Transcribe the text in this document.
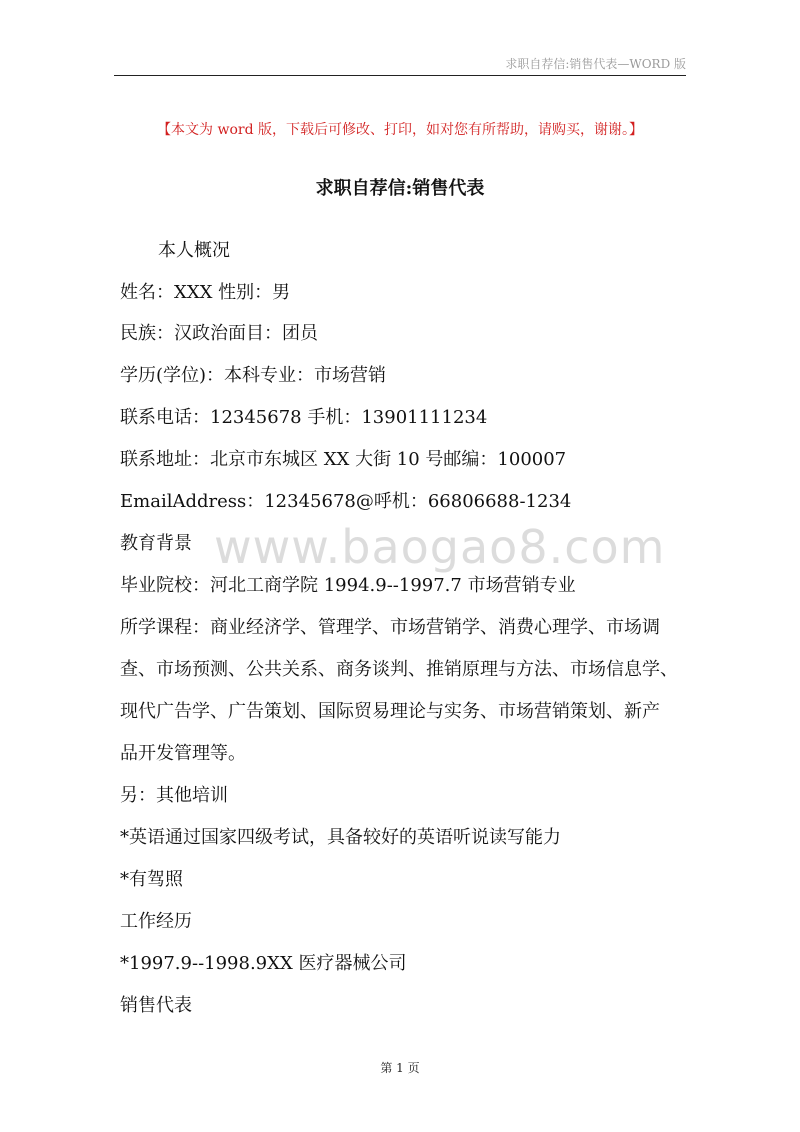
求职自荐信:销售代表—WORD 版
【本文为 word 版，下载后可修改、打印，如对您有所帮助，请购买，谢谢。】
求职自荐信:销售代表
www.baogao8.com
本人概况
姓名：XXX 性别：男
民族：汉政治面目：团员
学历(学位)：本科专业：市场营销
联系电话：12345678 手机：13901111234
联系地址：北京市东城区 XX 大街 10 号邮编：100007
EmailAddress：12345678@呼机：66806688-1234
教育背景
毕业院校：河北工商学院 1994.9--1997.7 市场营销专业
所学课程：商业经济学、管理学、市场营销学、消费心理学、市场调
查、市场预测、公共关系、商务谈判、推销原理与方法、市场信息学、
现代广告学、广告策划、国际贸易理论与实务、市场营销策划、新产
品开发管理等。
另：其他培训
*英语通过国家四级考试，具备较好的英语听说读写能力
*有驾照
工作经历
*1997.9--1998.9XX 医疗器械公司
销售代表
第 1 页
